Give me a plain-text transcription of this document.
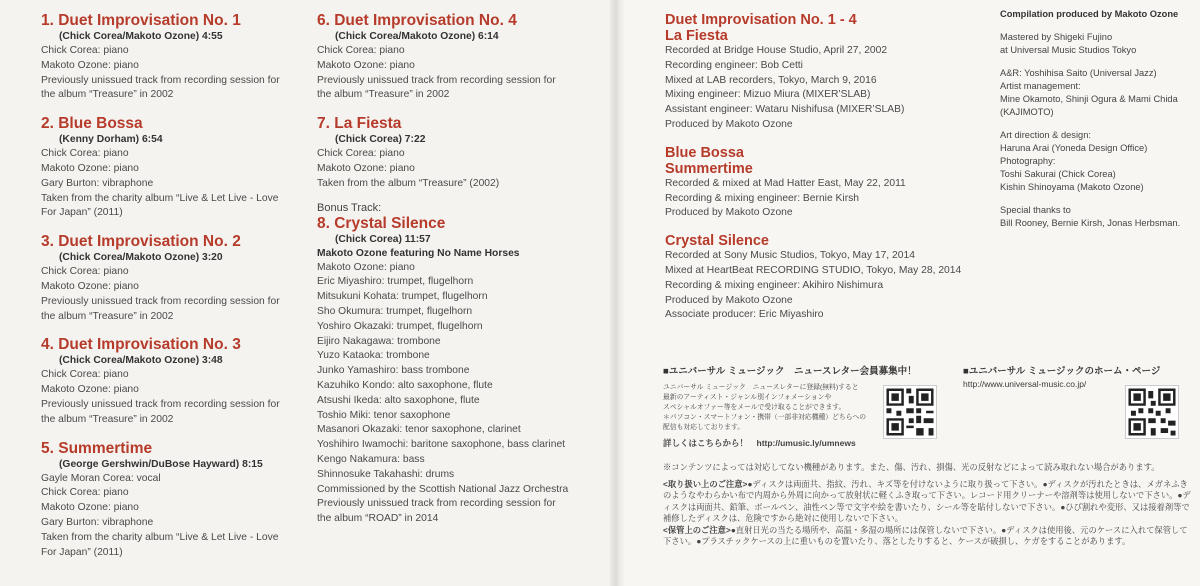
1. Duet Improvisation No. 1
(Chick Corea/Makoto Ozone) 4:55
Chick Corea: piano
Makoto Ozone: piano
Previously unissued track from recording session for
the album “Treasure” in 2002
2. Blue Bossa
(Kenny Dorham) 6:54
Chick Corea: piano
Makoto Ozone: piano
Gary Burton: vibraphone
Taken from the charity album “Live & Let Live - Love
For Japan” (2011)
3. Duet Improvisation No. 2
(Chick Corea/Makoto Ozone) 3:20
Chick Corea: piano
Makoto Ozone: piano
Previously unissued track from recording session for
the album “Treasure” in 2002
4. Duet Improvisation No. 3
(Chick Corea/Makoto Ozone) 3:48
Chick Corea: piano
Makoto Ozone: piano
Previously unissued track from recording session for
the album “Treasure” in 2002
5. Summertime
(George Gershwin/DuBose Hayward) 8:15
Gayle Moran Corea: vocal
Chick Corea: piano
Makoto Ozone: piano
Gary Burton: vibraphone
Taken from the charity album “Live & Let Live - Love
For Japan” (2011)
6. Duet Improvisation No. 4
(Chick Corea/Makoto Ozone) 6:14
Chick Corea: piano
Makoto Ozone: piano
Previously unissued track from recording session for
the album “Treasure” in 2002
7. La Fiesta
(Chick Corea) 7:22
Chick Corea: piano
Makoto Ozone: piano
Taken from the album “Treasure” (2002)
Bonus Track:
8. Crystal Silence
(Chick Corea) 11:57
Makoto Ozone featuring No Name Horses
Makoto Ozone: piano
Eric Miyashiro: trumpet, flugelhorn
Mitsukuni Kohata: trumpet, flugelhorn
Sho Okumura: trumpet, flugelhorn
Yoshiro Okazaki: trumpet, flugelhorn
Eijiro Nakagawa: trombone
Yuzo Kataoka: trombone
Junko Yamashiro: bass trombone
Kazuhiko Kondo: alto saxophone, flute
Atsushi Ikeda: alto saxophone, flute
Toshio Miki: tenor saxophone
Masanori Okazaki: tenor saxophone, clarinet
Yoshihiro Iwamochi: baritone saxophone, bass clarinet
Kengo Nakamura: bass
Shinnosuke Takahashi: drums
Commissioned by the Scottish National Jazz Orchestra
Previously unissued track from recording session for
the album “ROAD” in 2014
Duet Improvisation No. 1 - 4
La Fiesta
Recorded at Bridge House Studio, April 27, 2002
Recording engineer: Bob Cetti
Mixed at LAB recorders, Tokyo, March 9, 2016
Mixing engineer: Mizuo Miura (MIXER’SLAB)
Assistant engineer: Wataru Nishifusa (MIXER’SLAB)
Produced by Makoto Ozone
Blue Bossa
Summertime
Recorded & mixed at Mad Hatter East, May 22, 2011
Recording & mixing engineer: Bernie Kirsh
Produced by Makoto Ozone
Crystal Silence
Recorded at Sony Music Studios, Tokyo, May 17, 2014
Mixed at HeartBeat RECORDING STUDIO, Tokyo, May 28, 2014
Recording & mixing engineer: Akihiro Nishimura
Produced by Makoto Ozone
Associate producer: Eric Miyashiro
Compilation produced by Makoto Ozone
Mastered by Shigeki Fujino
at Universal Music Studios Tokyo
A&R: Yoshihisa Saito (Universal Jazz)
Artist management:
Mine Okamoto, Shinji Ogura & Mami Chida
(KAJIMOTO)
Art direction & design:
Haruna Arai (Yoneda Design Office)
Photography:
Toshi Sakurai (Chick Corea)
Kishin Shinoyama (Makoto Ozone)
Special thanks to
Bill Rooney, Bernie Kirsh, Jonas Herbsman.
■ユニバーサル ミュージック　ニュースレター会員募集中！
ユニバーサル ミュージック　ニュースレターに登録(無料)すると
最新のアーティスト・ジャンル別インフォメーションや
スペシャルオファー等をメールで受け取ることができます。
＊パソコン・スマートフォン・携帯（一部非対応機種）どちらへの
配信も対応しております。
詳しくはこちらから！　http://umusic.ly/umnews
■ユニバーサル ミュージックのホーム・ページ
http://www.universal-music.co.jp/
※コンテンツによっては対応してない機種があります。また、傷、汚れ、損傷、光の反射などによって読み取れない場合があります。
<取り扱い上のご注意>●ディスクは両面共、指紋、汚れ、キズ等を付けないように取り扱って下さい。●ディスクが汚れたときは、メガネふきのようなやわらかい布で内周から外周に向かって放射状に軽くふき取って下さい。レコード用クリーナーや溶剤等は使用しないで下さい。●ディスクは両面共、鉛筆、ボールペン、油性ペン等で文字や絵を書いたり、シール等を貼付しないで下さい。●ひび割れや変形、又は接着剤等で補修したディスクは、危険ですから絶対に使用しないで下さい。
<保管上のご注意>●直射日光の当たる場所や、高温・多湿の場所には保管しないで下さい。●ディスクは使用後、元のケースに入れて保管して下さい。●プラスチックケースの上に重いものを置いたり、落としたりすると、ケースが破損し、ケガをすることがあります。
